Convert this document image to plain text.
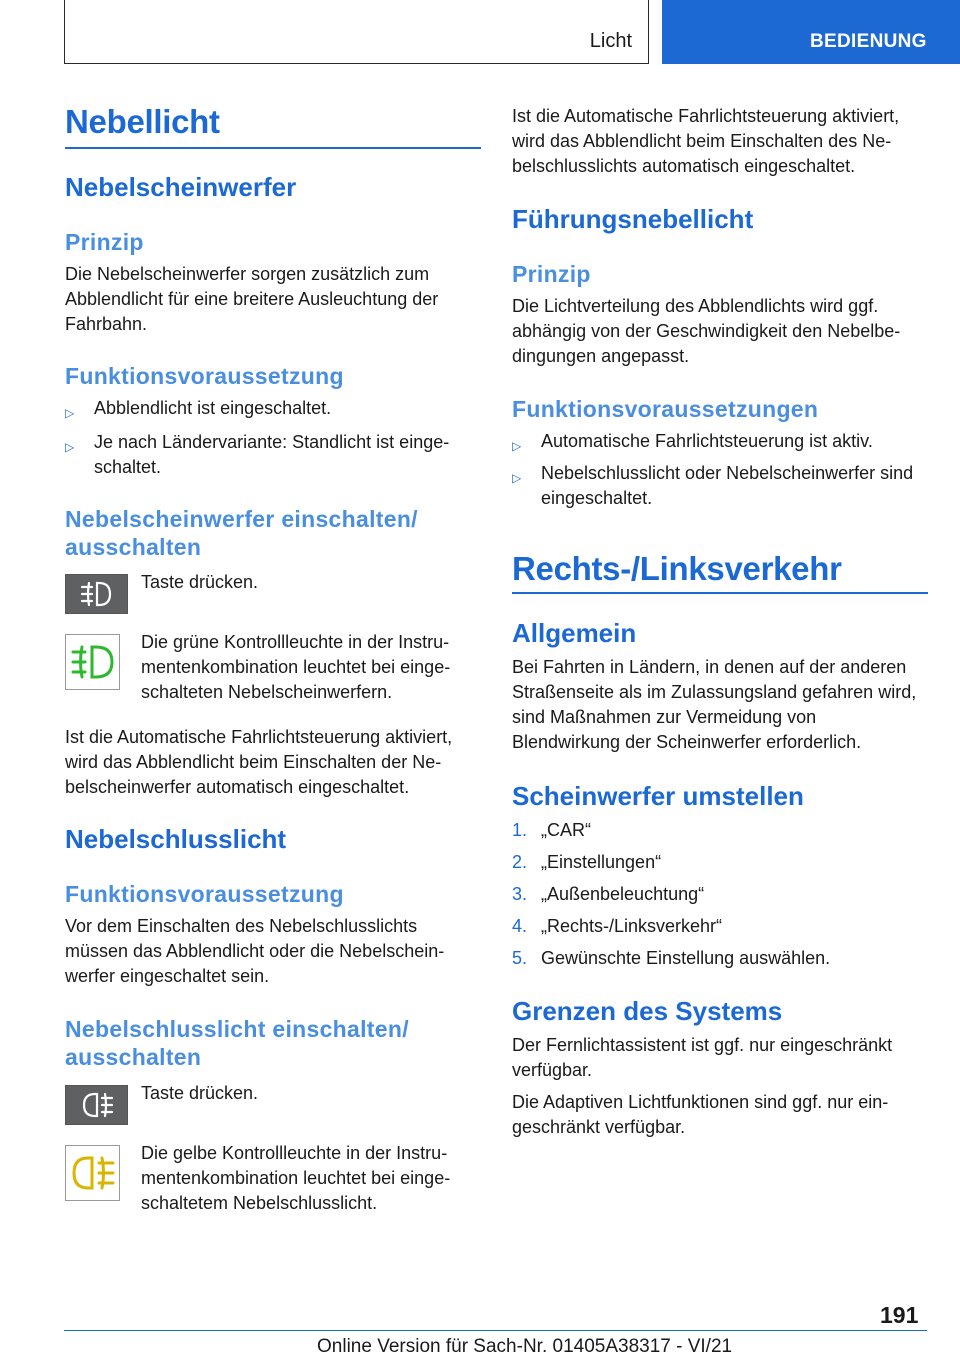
Licht	BEDIENUNG
Nebellicht
Nebelscheinwerfer
Prinzip
Die Nebelscheinwerfer sorgen zusätzlich zum Abblendlicht für eine breitere Ausleuchtung der Fahrbahn.
Funktionsvoraussetzung
▷ Abblendlicht ist eingeschaltet.
▷ Je nach Ländervariante: Standlicht ist eingeschaltet.
Nebelscheinwerfer einschalten/ ausschalten
Taste drücken.
Die grüne Kontrollleuchte in der Instrumentenkombination leuchtet bei eingeschalteten Nebelscheinwerfern.
Ist die Automatische Fahrlichtsteuerung aktiviert, wird das Abblendlicht beim Einschalten der Nebelscheinwerfer automatisch eingeschaltet.
Nebelschlusslicht
Funktionsvoraussetzung
Vor dem Einschalten des Nebelschlusslichts müssen das Abblendlicht oder die Nebelscheinwerfer eingeschaltet sein.
Nebelschlusslicht einschalten/ ausschalten
Taste drücken.
Die gelbe Kontrollleuchte in der Instrumentenkombination leuchtet bei eingeschaltetem Nebelschlusslicht.
Ist die Automatische Fahrlichtsteuerung aktiviert, wird das Abblendlicht beim Einschalten des Nebelschlusslichts automatisch eingeschaltet.
Führungsnebellicht
Prinzip
Die Lichtverteilung des Abblendlichts wird ggf. abhängig von der Geschwindigkeit den Nebelbedingungen angepasst.
Funktionsvoraussetzungen
▷ Automatische Fahrlichtsteuerung ist aktiv.
▷ Nebelschlusslicht oder Nebelscheinwerfer sind eingeschaltet.
Rechts-/Linksverkehr
Allgemein
Bei Fahrten in Ländern, in denen auf der anderen Straßenseite als im Zulassungsland gefahren wird, sind Maßnahmen zur Vermeidung von Blendwirkung der Scheinwerfer erforderlich.
Scheinwerfer umstellen
1. „CAR“
2. „Einstellungen“
3. „Außenbeleuchtung“
4. „Rechts-/Linksverkehr“
5. Gewünschte Einstellung auswählen.
Grenzen des Systems
Der Fernlichtassistent ist ggf. nur eingeschränkt verfügbar.
Die Adaptiven Lichtfunktionen sind ggf. nur eingeschränkt verfügbar.
191
Online Version für Sach-Nr. 01405A38317 - VI/21
